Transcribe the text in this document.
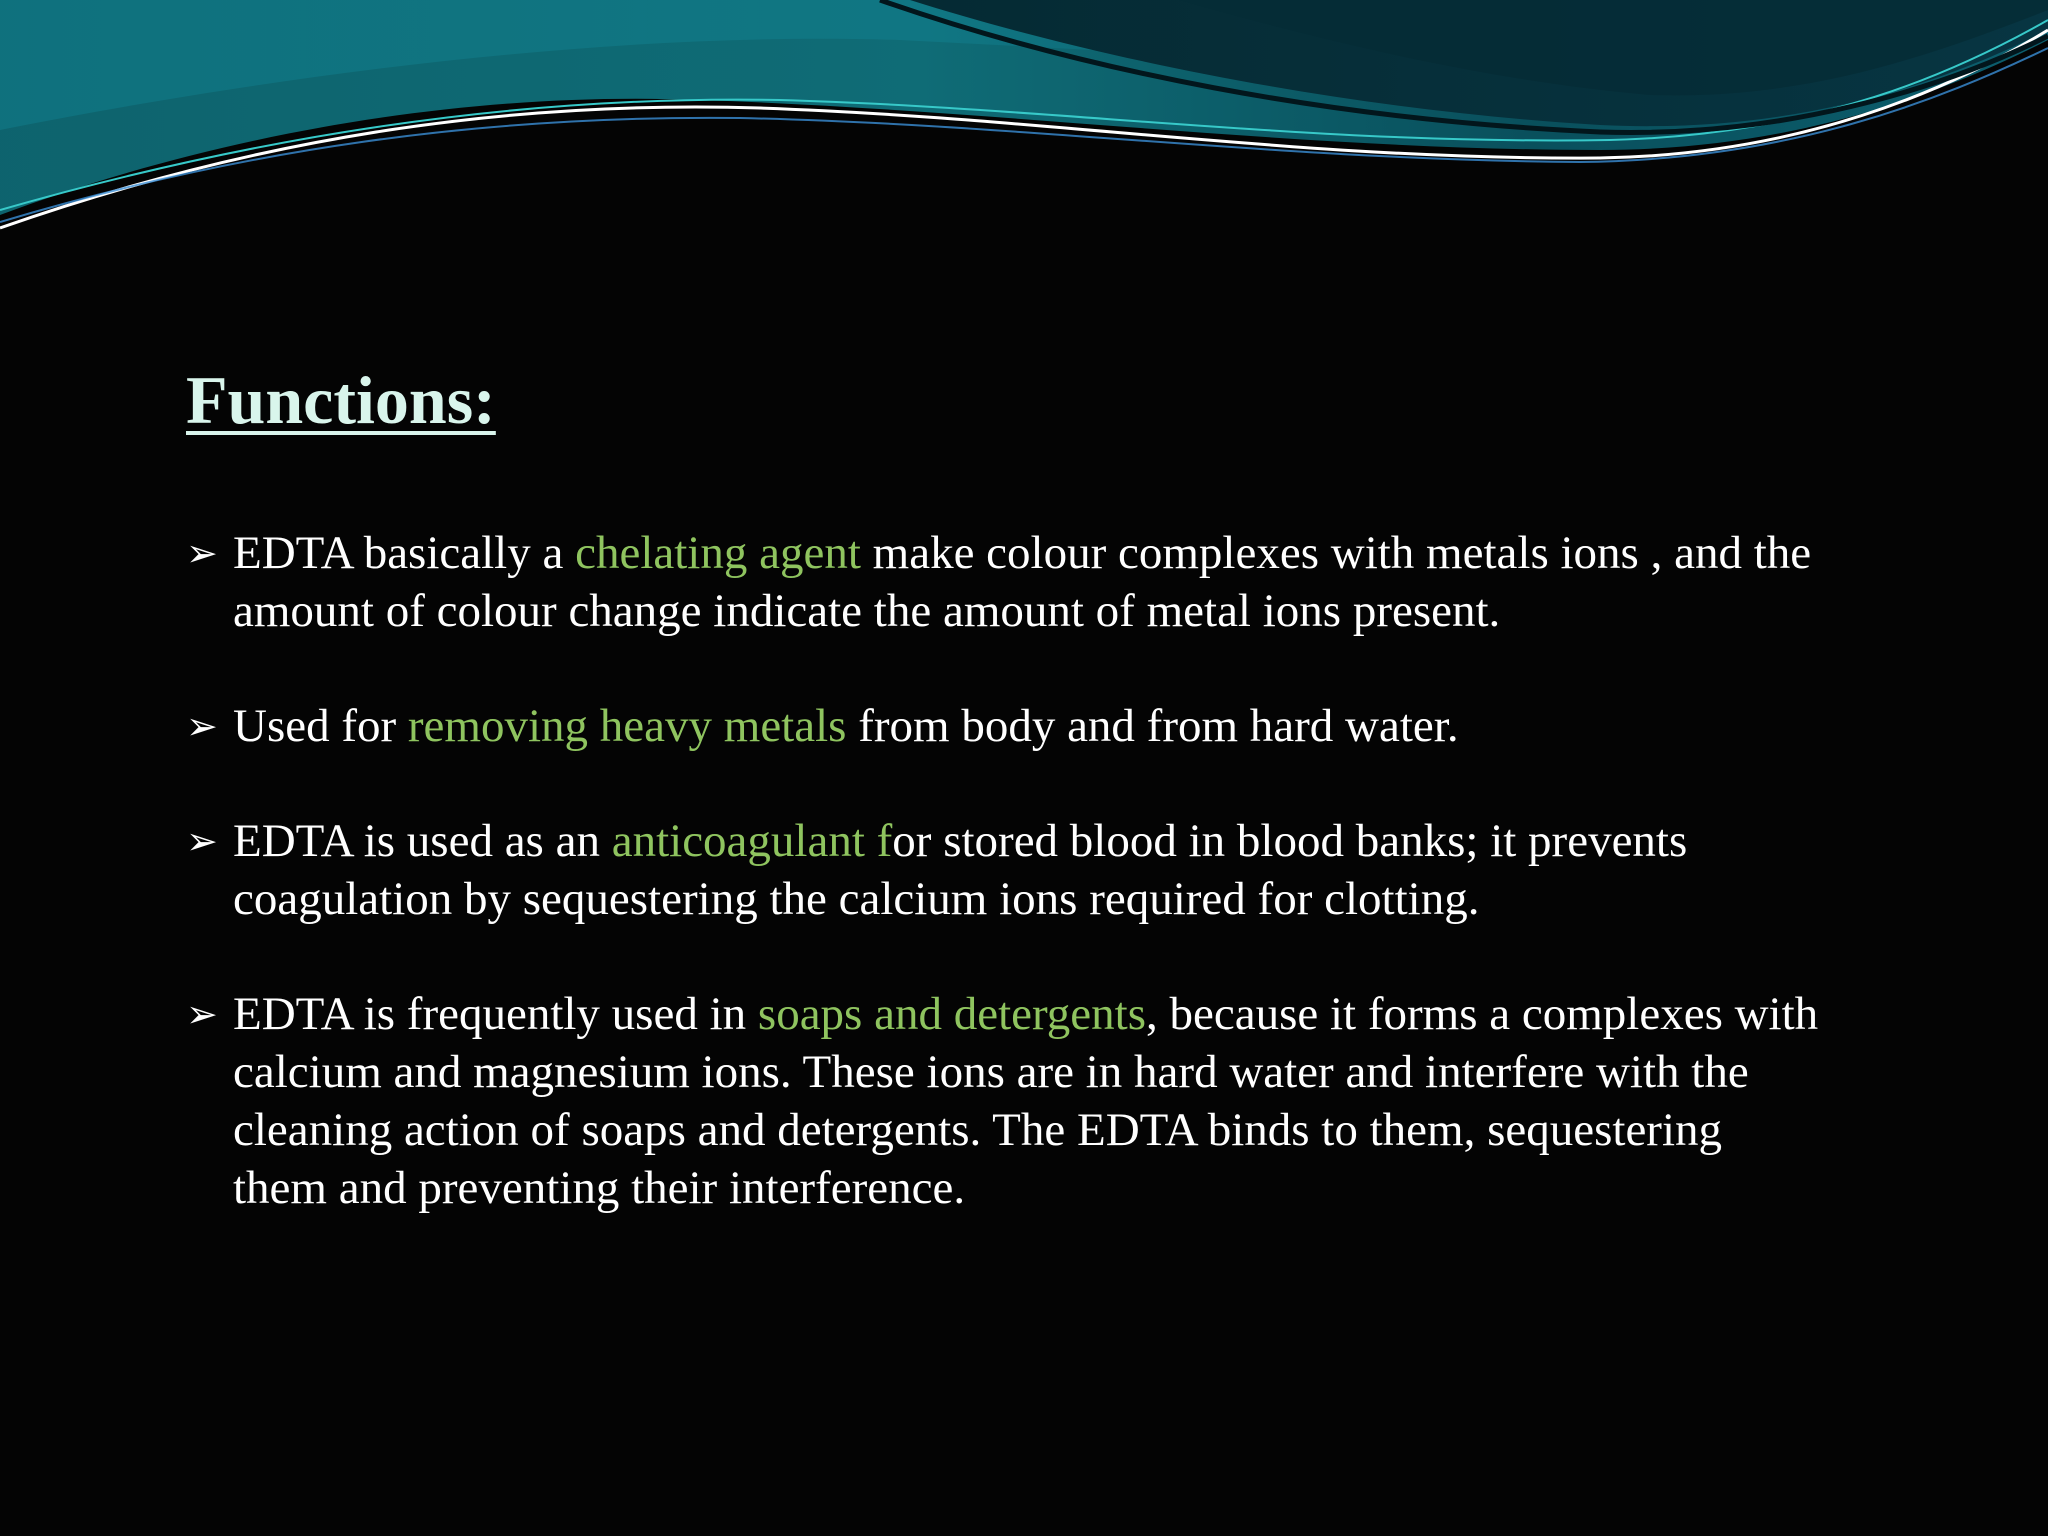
Functions:
➢ EDTA basically a chelating agent make colour complexes with metals ions , and the amount of colour change indicate the amount of metal ions present.
➢ Used for removing heavy metals from body and from hard water.
➢ EDTA is used as an anticoagulant for stored blood in blood banks; it prevents coagulation by sequestering the calcium ions required for clotting.
➢ EDTA is frequently used in soaps and detergents, because it forms a complexes with calcium and magnesium ions. These ions are in hard water and interfere with the cleaning action of soaps and detergents. The EDTA binds to them, sequestering them and preventing their interference.
